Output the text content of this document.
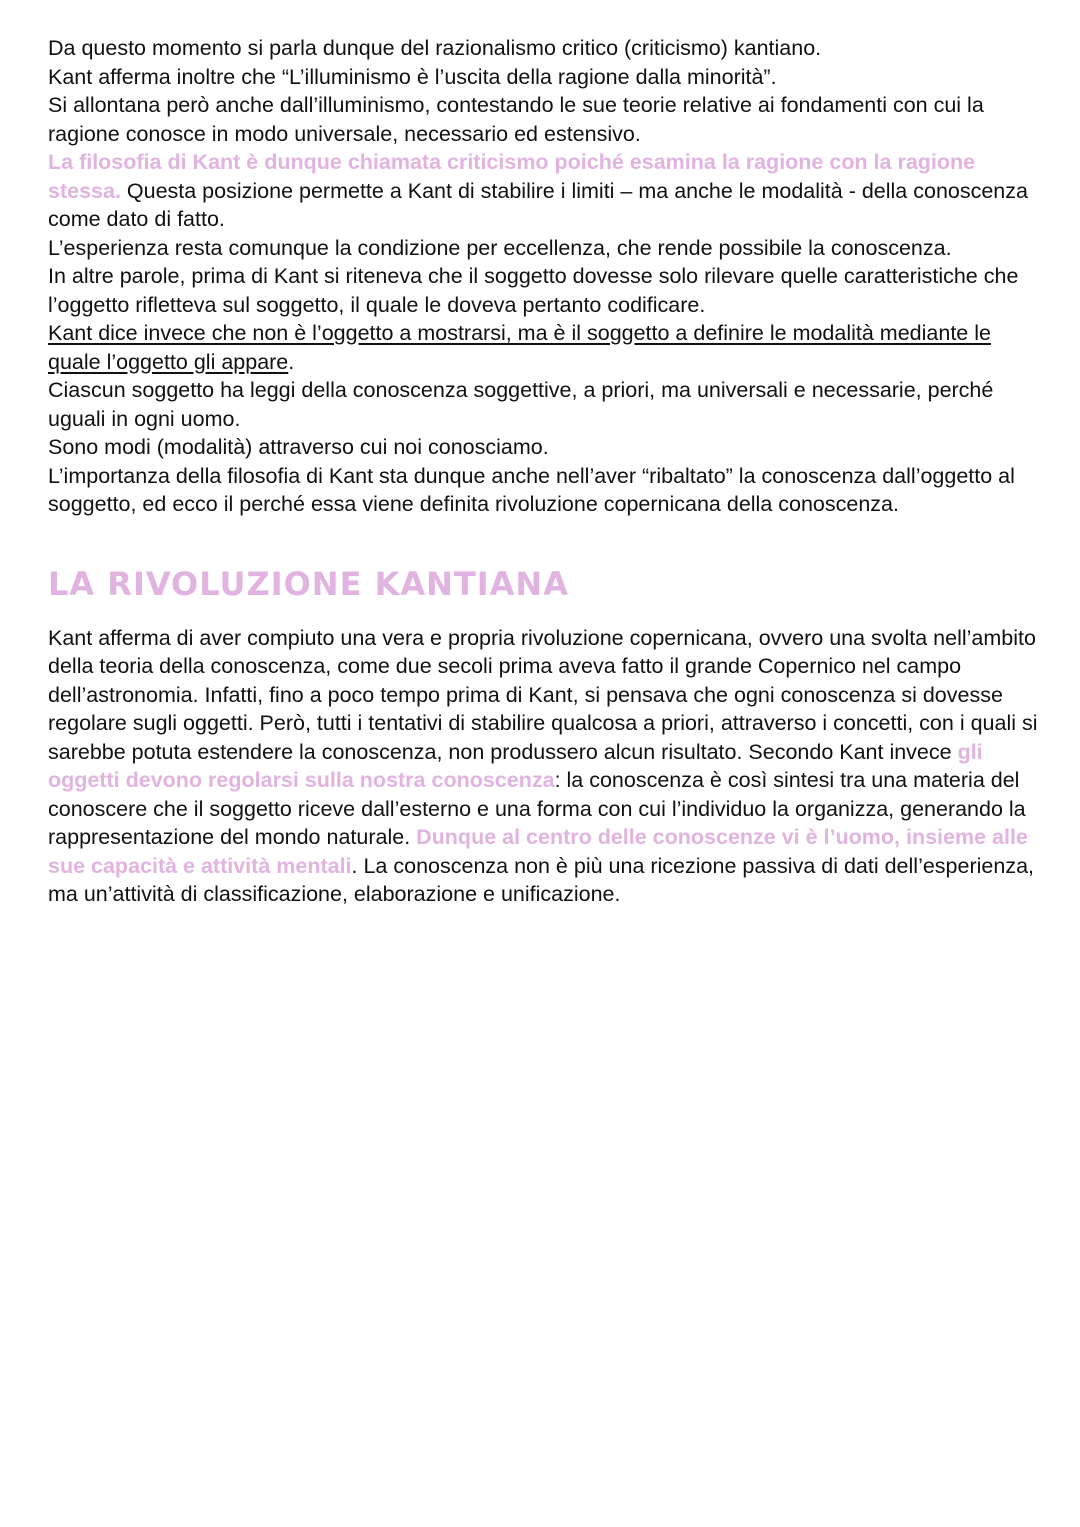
Da questo momento si parla dunque del razionalismo critico (criticismo) kantiano.

Kant afferma inoltre che “L’illuminismo è l’uscita della ragione dalla minorità”.

Si allontana però anche dall’illuminismo, contestando le sue teorie relative ai fondamenti con cui la ragione conosce in modo universale, necessario ed estensivo.

La filosofia di Kant è dunque chiamata criticismo poiché esamina la ragione con la ragione stessa. Questa posizione permette a Kant di stabilire i limiti – ma anche le modalità - della conoscenza come dato di fatto.

L’esperienza resta comunque la condizione per eccellenza, che rende possibile la conoscenza.

In altre parole, prima di Kant si riteneva che il soggetto dovesse solo rilevare quelle caratteristiche che l’oggetto rifletteva sul soggetto, il quale le doveva pertanto codificare.

Kant dice invece che non è l’oggetto a mostrarsi, ma è il soggetto a definire le modalità mediante le quale l’oggetto gli appare.

Ciascun soggetto ha leggi della conoscenza soggettive, a priori, ma universali e necessarie, perché uguali in ogni uomo.

Sono modi (modalità) attraverso cui noi conosciamo.

L’importanza della filosofia di Kant sta dunque anche nell’aver “ribaltato” la conoscenza dall’oggetto al soggetto, ed ecco il perché essa viene definita rivoluzione copernicana della conoscenza.

LA RIVOLUZIONE KANTIANA

Kant afferma di aver compiuto una vera e propria rivoluzione copernicana, ovvero una svolta nell’ambito della teoria della conoscenza, come due secoli prima aveva fatto il grande Copernico nel campo dell’astronomia. Infatti, fino a poco tempo prima di Kant, si pensava che ogni conoscenza si dovesse regolare sugli oggetti. Però, tutti i tentativi di stabilire qualcosa a priori, attraverso i concetti, con i quali si sarebbe potuta estendere la conoscenza, non produssero alcun risultato. Secondo Kant invece gli oggetti devono regolarsi sulla nostra conoscenza: la conoscenza è così sintesi tra una materia del conoscere che il soggetto riceve dall’esterno e una forma con cui l’individuo la organizza, generando la rappresentazione del mondo naturale. Dunque al centro delle conoscenze vi è l’uomo, insieme alle sue capacità e attività mentali. La conoscenza non è più una ricezione passiva di dati dell’esperienza, ma un’attività di classificazione, elaborazione e unificazione.
